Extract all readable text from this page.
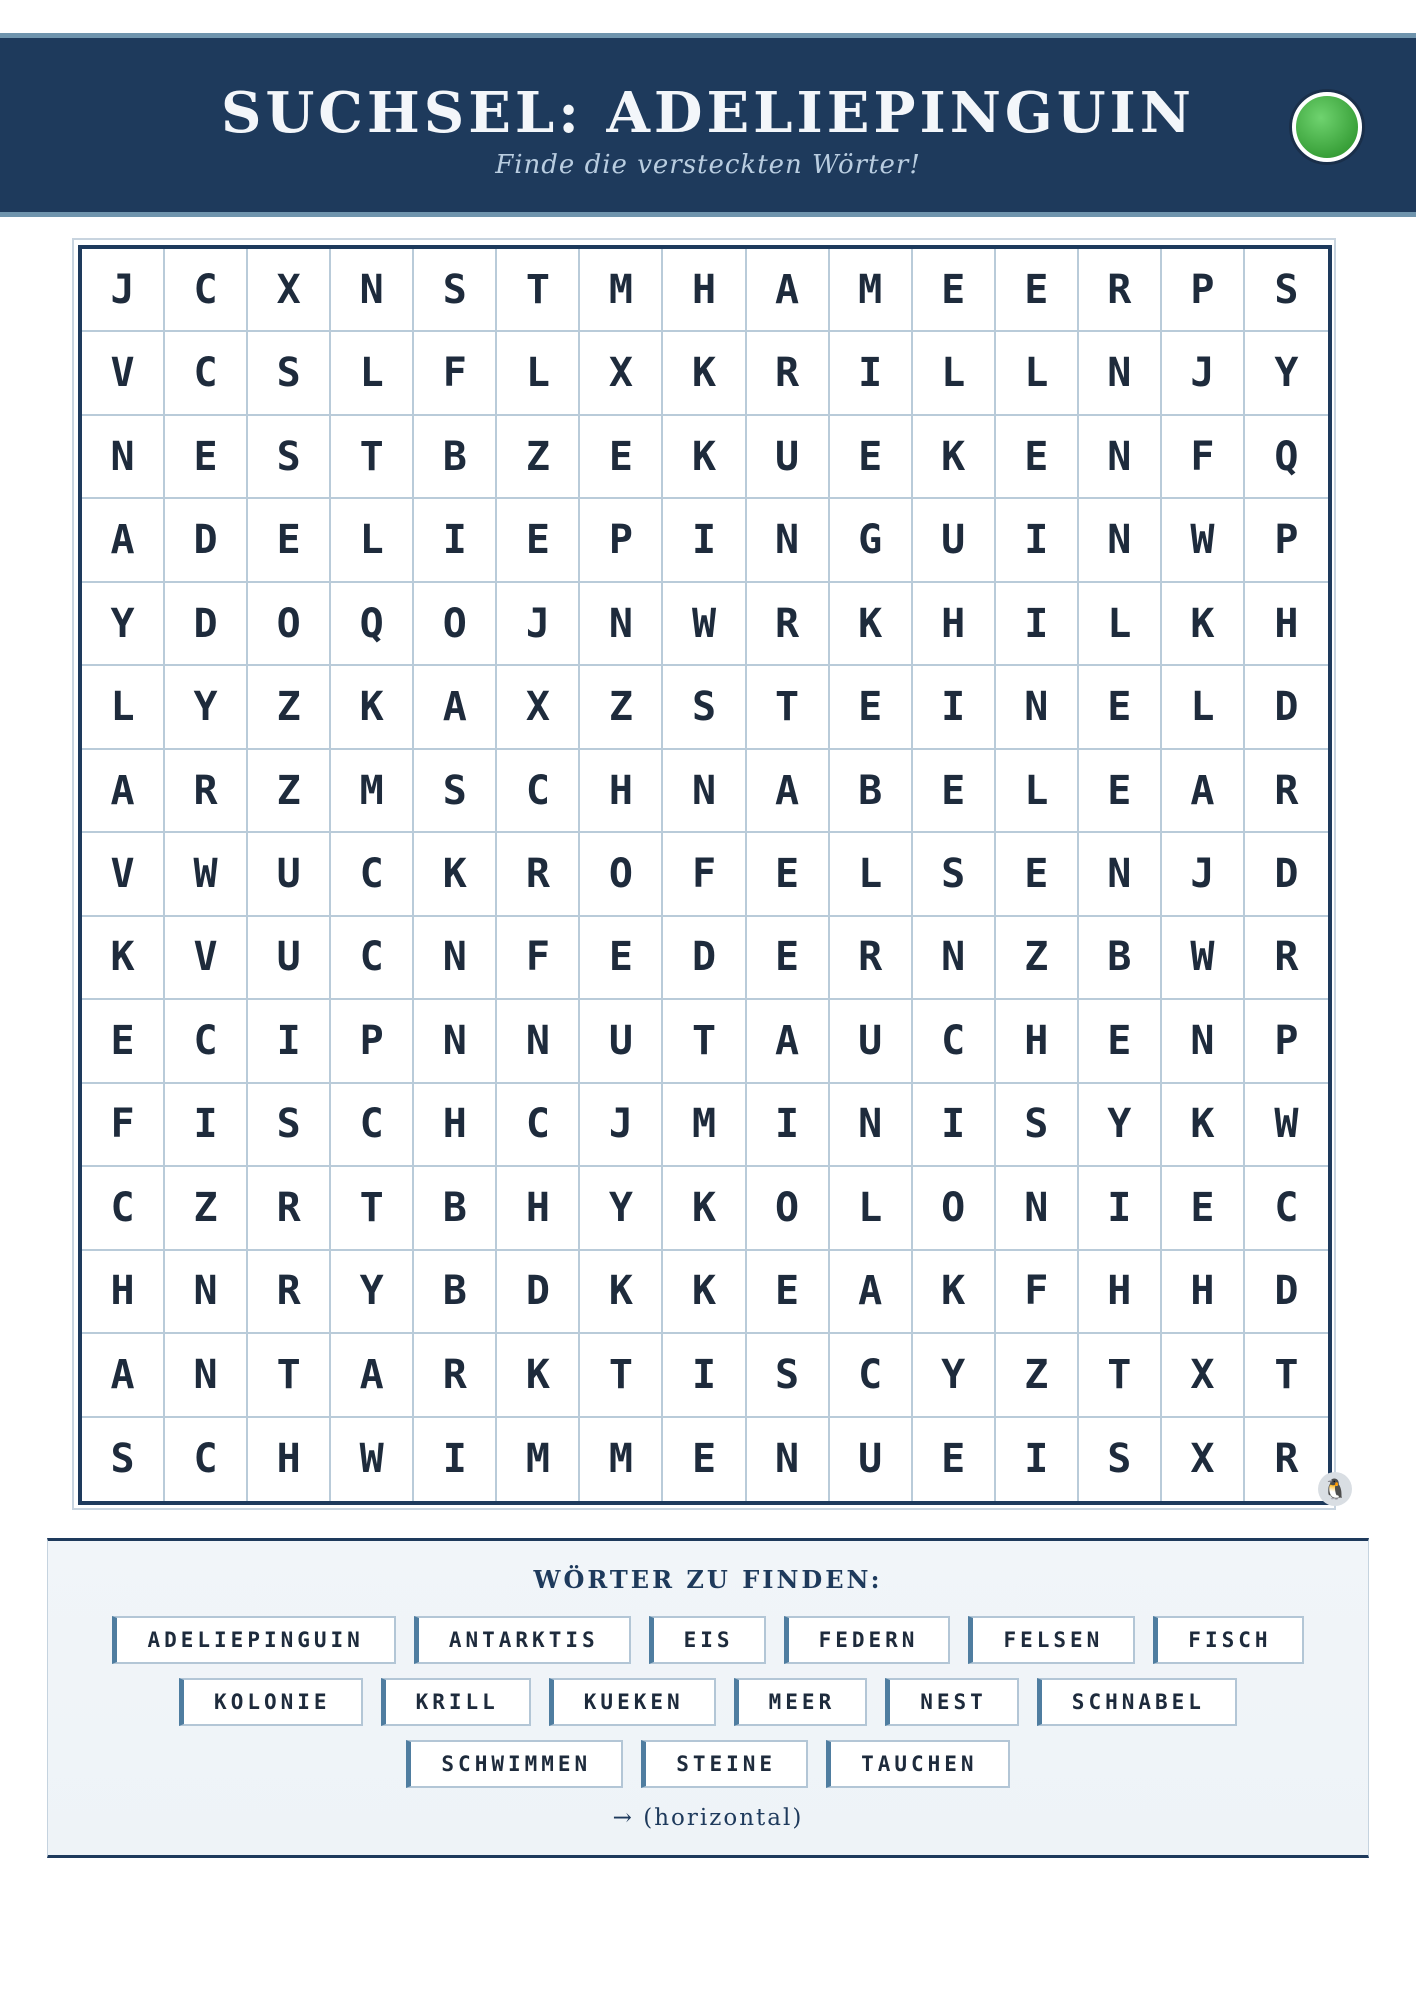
SUCHSEL: ADELIEPINGUIN
Finde die versteckten Wörter!
J	C	X	N	S	T	M	H	A	M	E	E	R	P	S
V	C	S	L	F	L	X	K	R	I	L	L	N	J	Y
N	E	S	T	B	Z	E	K	U	E	K	E	N	F	Q
A	D	E	L	I	E	P	I	N	G	U	I	N	W	P
Y	D	O	Q	O	J	N	W	R	K	H	I	L	K	H
L	Y	Z	K	A	X	Z	S	T	E	I	N	E	L	D
A	R	Z	M	S	C	H	N	A	B	E	L	E	A	R
V	W	U	C	K	R	O	F	E	L	S	E	N	J	D
K	V	U	C	N	F	E	D	E	R	N	Z	B	W	R
E	C	I	P	N	N	U	T	A	U	C	H	E	N	P
F	I	S	C	H	C	J	M	I	N	I	S	Y	K	W
C	Z	R	T	B	H	Y	K	O	L	O	N	I	E	C
H	N	R	Y	B	D	K	K	E	A	K	F	H	H	D
A	N	T	A	R	K	T	I	S	C	Y	Z	T	X	T
S	C	H	W	I	M	M	E	N	U	E	I	S	X	R
🐧
WÖRTER ZU FINDEN:
ADELIEPINGUIN	ANTARKTIS	EIS	FEDERN	FELSEN	FISCH
KOLONIE	KRILL	KUEKEN	MEER	NEST	SCHNABEL
SCHWIMMEN	STEINE	TAUCHEN
→ (horizontal)
